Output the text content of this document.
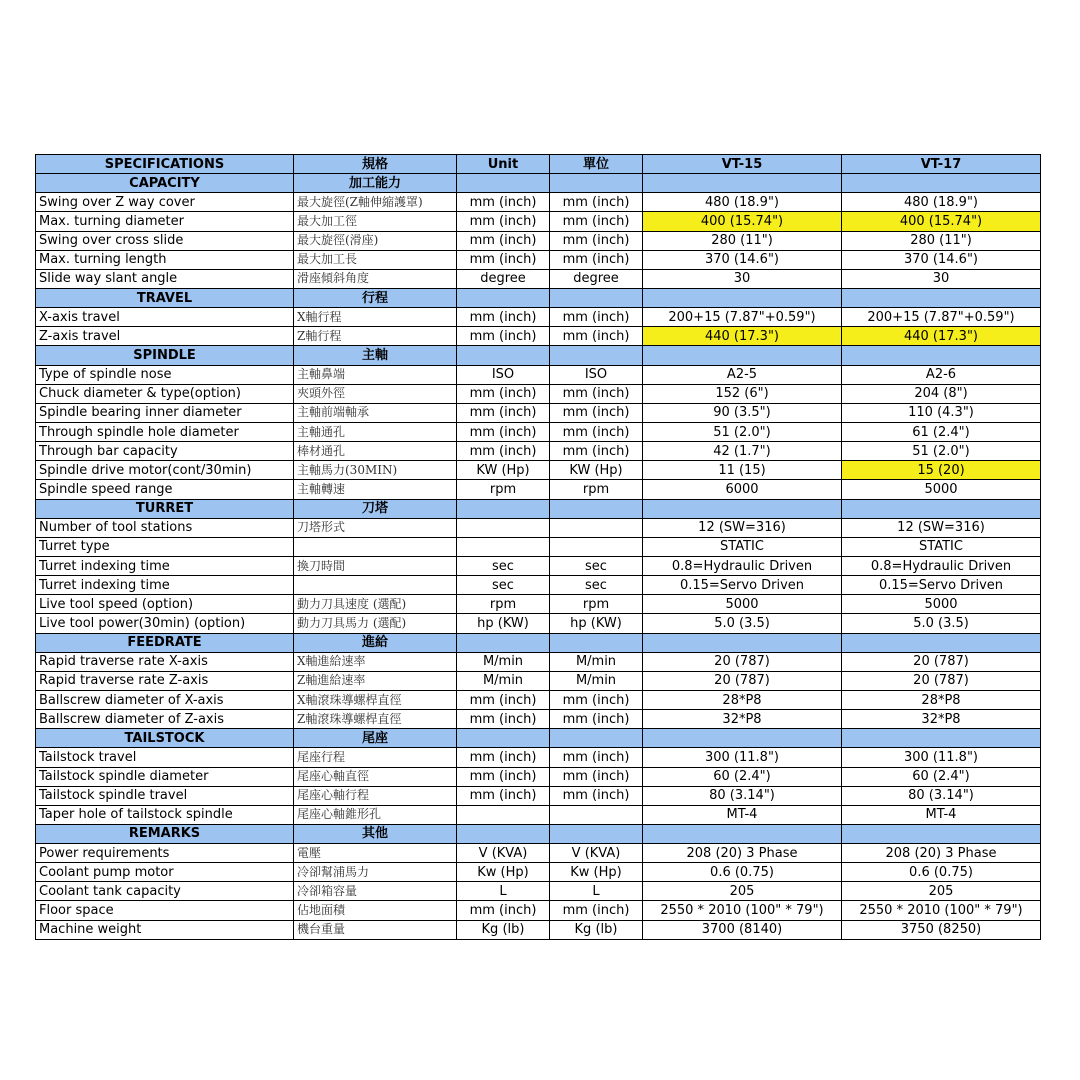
SPECIFICATIONS	規格	Unit	單位	VT-15	VT-17
CAPACITY	加工能力				
Swing over Z way cover	最大旋徑(Z軸伸縮護罩)	mm (inch)	mm (inch)	480 (18.9")	480 (18.9")
Max. turning diameter	最大加工徑	mm (inch)	mm (inch)	400 (15.74")	400 (15.74")
Swing over cross slide	最大旋徑(滑座)	mm (inch)	mm (inch)	280 (11")	280 (11")
Max. turning length	最大加工長	mm (inch)	mm (inch)	370 (14.6")	370 (14.6")
Slide way slant angle	滑座傾斜角度	degree	degree	30	30
TRAVEL	行程				
X-axis travel	X軸行程	mm (inch)	mm (inch)	200+15 (7.87"+0.59")	200+15 (7.87"+0.59")
Z-axis travel	Z軸行程	mm (inch)	mm (inch)	440 (17.3")	440 (17.3")
SPINDLE	主軸				
Type of spindle nose	主軸鼻端	ISO	ISO	A2-5	A2-6
Chuck diameter & type(option)	夾頭外徑	mm (inch)	mm (inch)	152 (6")	204 (8")
Spindle bearing inner diameter	主軸前端軸承	mm (inch)	mm (inch)	90 (3.5")	110 (4.3")
Through spindle hole diameter	主軸通孔	mm (inch)	mm (inch)	51 (2.0")	61 (2.4")
Through bar capacity	棒材通孔	mm (inch)	mm (inch)	42 (1.7")	51 (2.0")
Spindle drive motor(cont/30min)	主軸馬力(30MIN)	KW (Hp)	KW (Hp)	11 (15)	15 (20)
Spindle speed range	主軸轉速	rpm	rpm	6000	5000
TURRET	刀塔				
Number of tool stations	刀塔形式			12 (SW=316)	12 (SW=316)
Turret type				STATIC	STATIC
Turret indexing time	換刀時間	sec	sec	0.8=Hydraulic Driven	0.8=Hydraulic Driven
Turret indexing time		sec	sec	0.15=Servo Driven	0.15=Servo Driven
Live tool speed (option)	動力刀具速度 (選配)	rpm	rpm	5000	5000
Live tool power(30min) (option)	動力刀具馬力 (選配)	hp (KW)	hp (KW)	5.0 (3.5)	5.0 (3.5)
FEEDRATE	進給				
Rapid traverse rate X-axis	X軸進給速率	M/min	M/min	20 (787)	20 (787)
Rapid traverse rate Z-axis	Z軸進給速率	M/min	M/min	20 (787)	20 (787)
Ballscrew diameter of X-axis	X軸滾珠導螺桿直徑	mm (inch)	mm (inch)	28*P8	28*P8
Ballscrew diameter of Z-axis	Z軸滾珠導螺桿直徑	mm (inch)	mm (inch)	32*P8	32*P8
TAILSTOCK	尾座				
Tailstock travel	尾座行程	mm (inch)	mm (inch)	300 (11.8")	300 (11.8")
Tailstock spindle diameter	尾座心軸直徑	mm (inch)	mm (inch)	60 (2.4")	60 (2.4")
Tailstock spindle travel	尾座心軸行程	mm (inch)	mm (inch)	80 (3.14")	80 (3.14")
Taper hole of tailstock spindle	尾座心軸錐形孔			MT-4	MT-4
REMARKS	其他				
Power requirements	電壓	V (KVA)	V (KVA)	208 (20) 3 Phase	208 (20) 3 Phase
Coolant pump motor	冷卻幫浦馬力	Kw (Hp)	Kw (Hp)	0.6 (0.75)	0.6 (0.75)
Coolant tank capacity	冷卻箱容量	L	L	205	205
Floor space	佔地面積	mm (inch)	mm (inch)	2550 * 2010 (100" * 79")	2550 * 2010 (100" * 79")
Machine weight	機台重量	Kg (lb)	Kg (lb)	3700 (8140)	3750 (8250)
